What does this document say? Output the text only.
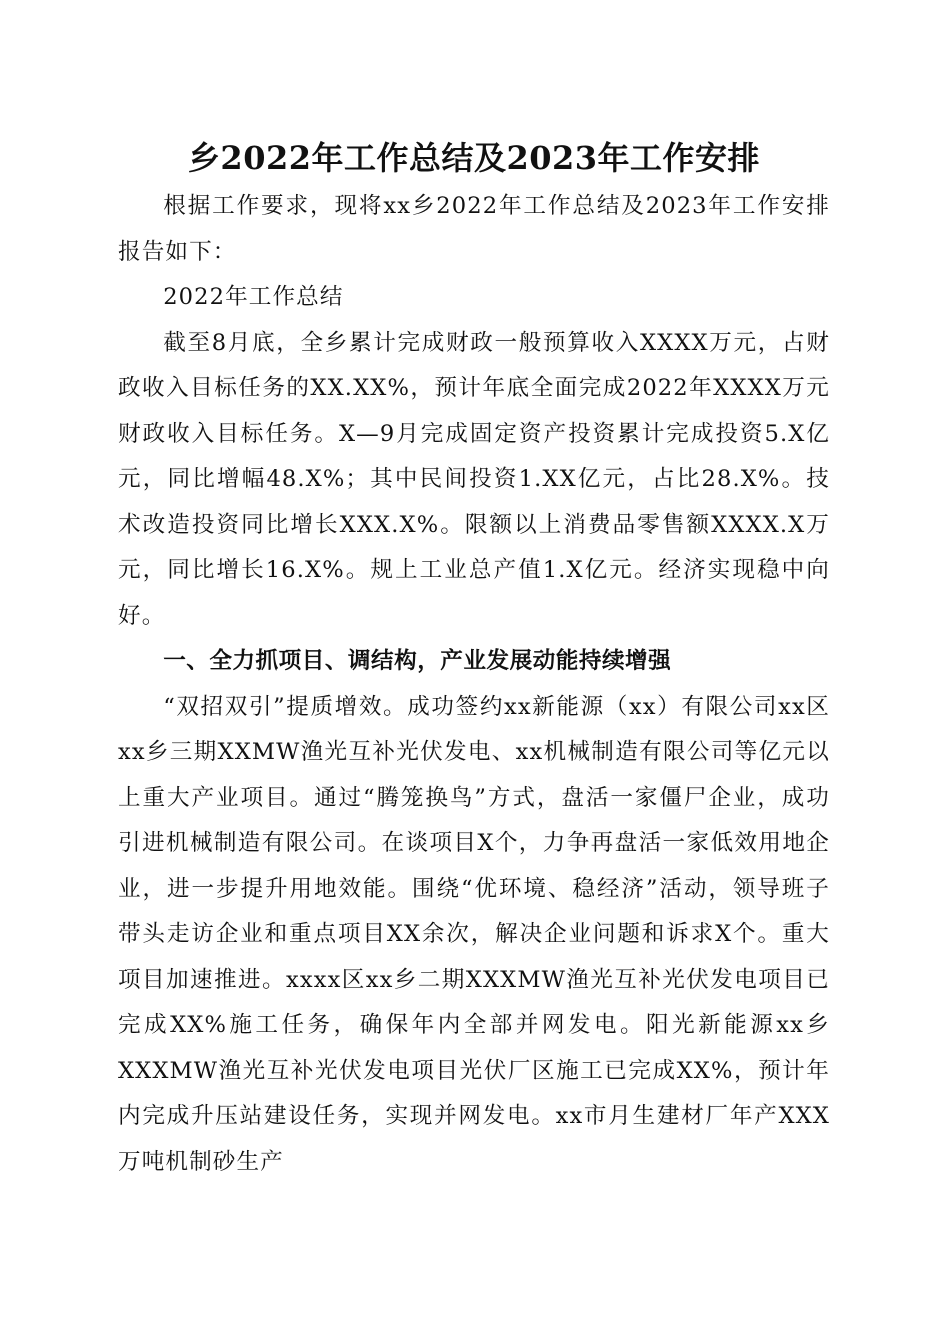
乡2022年工作总结及2023年工作安排

根据工作要求，现将xx乡2022年工作总结及2023年工作安排报告如下：

2022年工作总结

截至8月底，全乡累计完成财政一般预算收入XXXX万元，占财政收入目标任务的XX.XX%，预计年底全面完成2022年XXXX万元财政收入目标任务。X—9月完成固定资产投资累计完成投资5.X亿元，同比增幅48.X%；其中民间投资1.XX亿元，占比28.X%。技术改造投资同比增长XXX.X%。限额以上消费品零售额XXXX.X万元，同比增长16.X%。规上工业总产值1.X亿元。经济实现稳中向好。

一、全力抓项目、调结构，产业发展动能持续增强

“双招双引”提质增效。成功签约xx新能源（xx）有限公司xx区xx乡三期XXMW渔光互补光伏发电、xx机械制造有限公司等亿元以上重大产业项目。通过“腾笼换鸟”方式，盘活一家僵尸企业，成功引进机械制造有限公司。在谈项目X个，力争再盘活一家低效用地企业，进一步提升用地效能。围绕“优环境、稳经济”活动，领导班子带头走访企业和重点项目XX余次，解决企业问题和诉求X个。重大项目加速推进。xxxx区xx乡二期XXXMW渔光互补光伏发电项目已完成XX%施工任务，确保年内全部并网发电。阳光新能源xx乡XXXMW渔光互补光伏发电项目光伏厂区施工已完成XX%，预计年内完成升压站建设任务，实现并网发电。xx市月生建材厂年产XXX万吨机制砂生产
